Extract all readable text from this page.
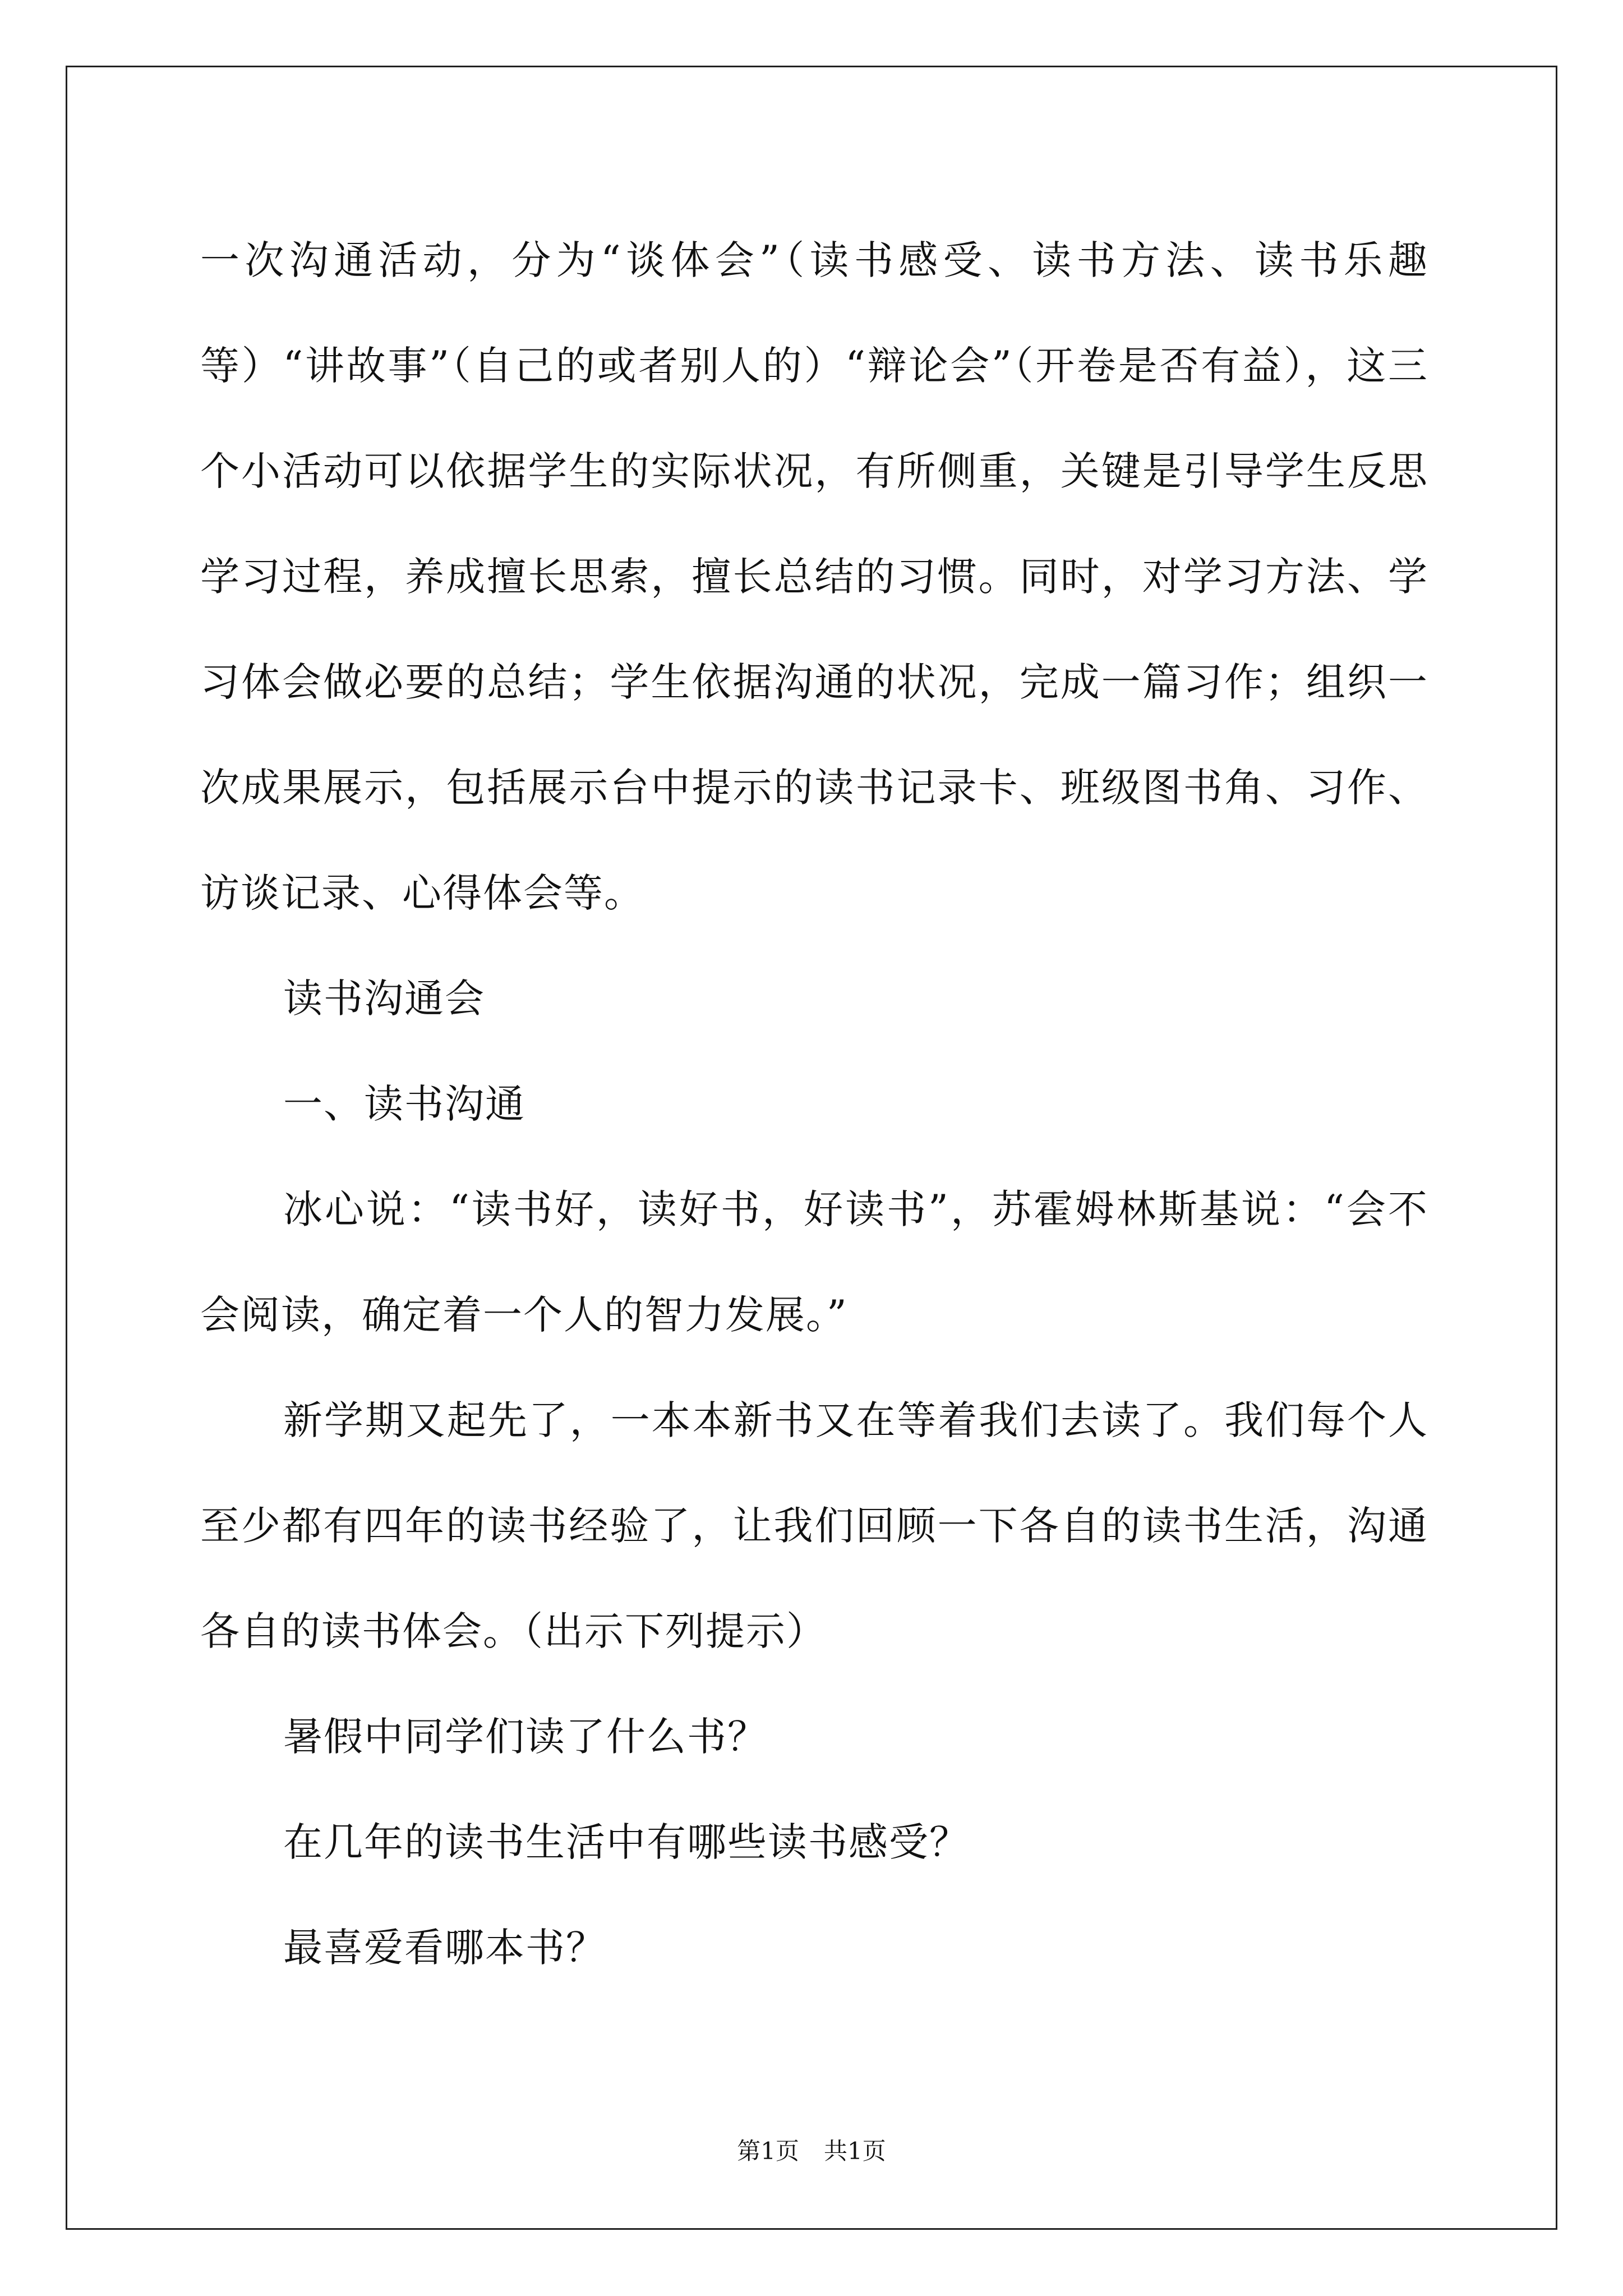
一次沟通活动，分为“谈体会”（读书感受、读书方法、读书乐趣等）“讲故事”（自己的或者别人的）“辩论会”（开卷是否有益），这三个小活动可以依据学生的实际状况，有所侧重，关键是引导学生反思学习过程，养成擅长思索，擅长总结的习惯。同时，对学习方法、学习体会做必要的总结；学生依据沟通的状况，完成一篇习作；组织一次成果展示，包括展示台中提示的读书记录卡、班级图书角、习作、访谈记录、心得体会等。

读书沟通会

一、读书沟通

冰心说：“读书好，读好书，好读书”，苏霍姆林斯基说：“会不会阅读，确定着一个人的智力发展。”

新学期又起先了，一本本新书又在等着我们去读了。我们每个人至少都有四年的读书经验了，让我们回顾一下各自的读书生活，沟通各自的读书体会。（出示下列提示）

暑假中同学们读了什么书？

在几年的读书生活中有哪些读书感受？

最喜爱看哪本书？

第1页 共1页
